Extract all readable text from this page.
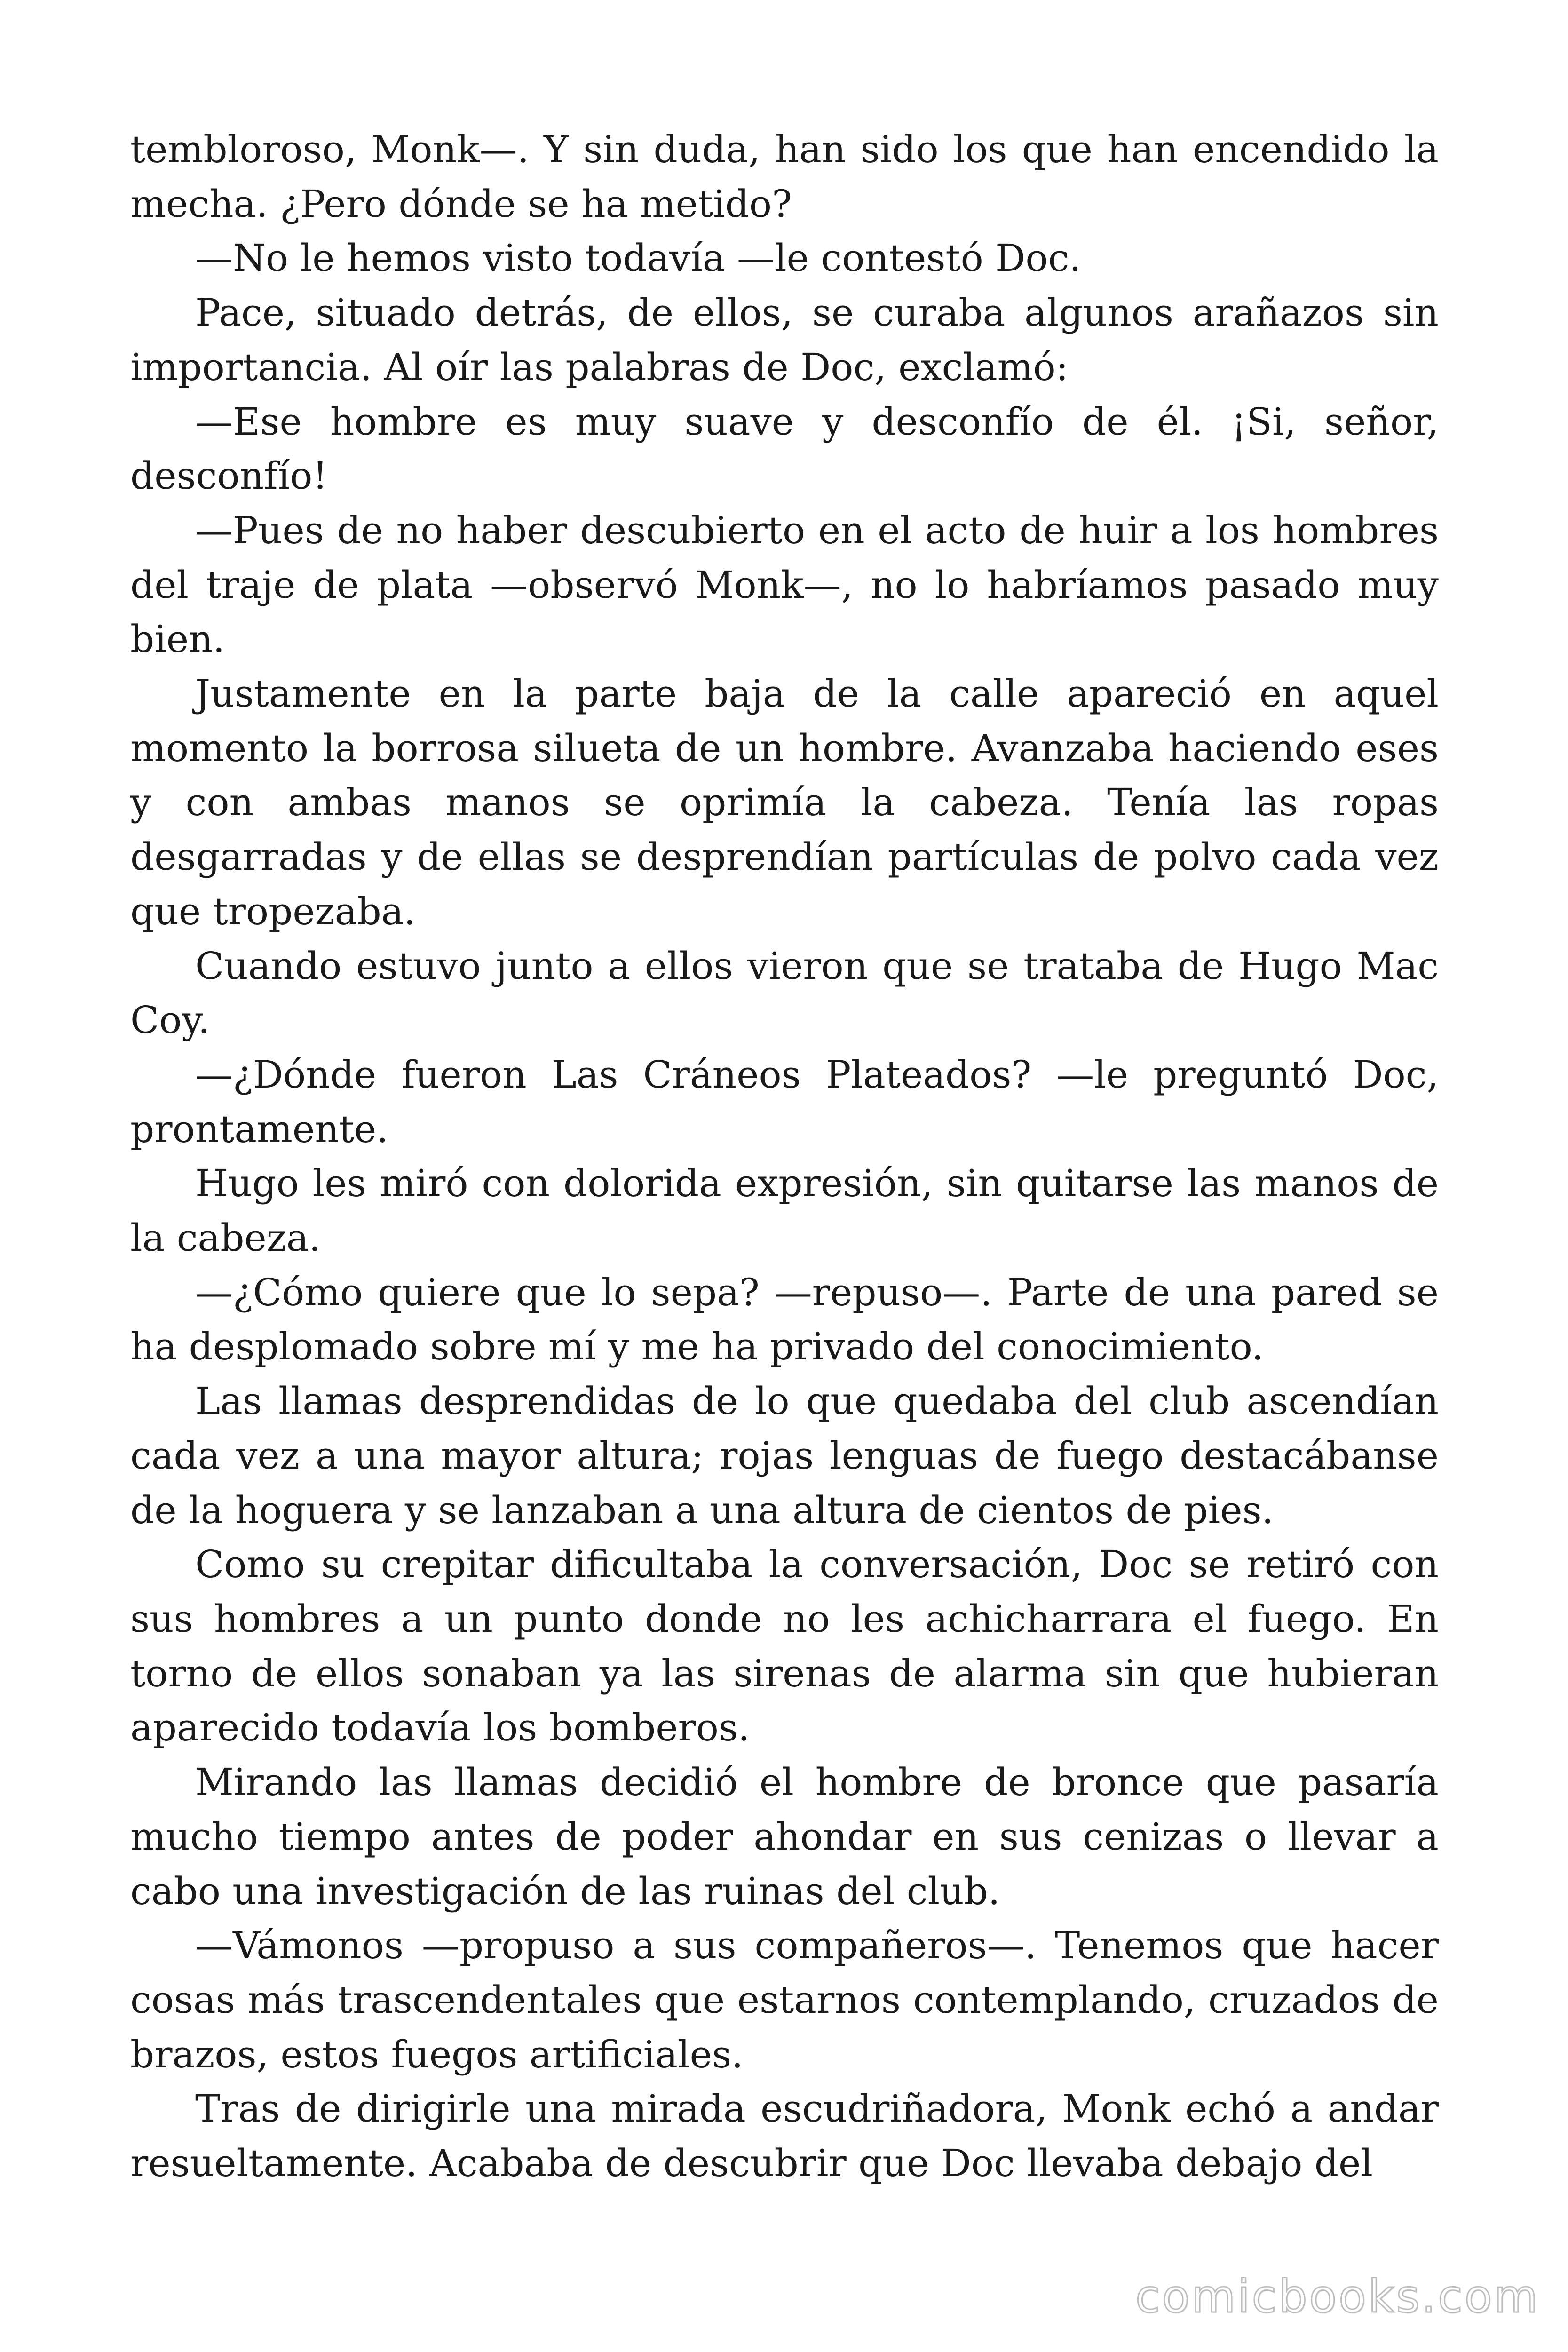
tembloroso, Monk—. Y sin duda, han sido los que han encendido la mecha. ¿Pero dónde se ha metido?

—No le hemos visto todavía —le contestó Doc.

Pace, situado detrás, de ellos, se curaba algunos arañazos sin importancia. Al oír las palabras de Doc, exclamó:

—Ese hombre es muy suave y desconfío de él. ¡Si, señor, desconfío!

—Pues de no haber descubierto en el acto de huir a los hombres del traje de plata —observó Monk—, no lo habríamos pasado muy bien.

Justamente en la parte baja de la calle apareció en aquel momento la borrosa silueta de un hombre. Avanzaba haciendo eses y con ambas manos se oprimía la cabeza. Tenía las ropas desgarradas y de ellas se desprendían partículas de polvo cada vez que tropezaba.

Cuando estuvo junto a ellos vieron que se trataba de Hugo Mac Coy.

—¿Dónde fueron Las Cráneos Plateados? —le preguntó Doc, prontamente.

Hugo les miró con dolorida expresión, sin quitarse las manos de la cabeza.

—¿Cómo quiere que lo sepa? —repuso—. Parte de una pared se ha desplomado sobre mí y me ha privado del conocimiento.

Las llamas desprendidas de lo que quedaba del club ascendían cada vez a una mayor altura; rojas lenguas de fuego destacábanse de la hoguera y se lanzaban a una altura de cientos de pies.

Como su crepitar dificultaba la conversación, Doc se retiró con sus hombres a un punto donde no les achicharrara el fuego. En torno de ellos sonaban ya las sirenas de alarma sin que hubieran aparecido todavía los bomberos.

Mirando las llamas decidió el hombre de bronce que pasaría mucho tiempo antes de poder ahondar en sus cenizas o llevar a cabo una investigación de las ruinas del club.

—Vámonos —propuso a sus compañeros—. Tenemos que hacer cosas más trascendentales que estarnos contemplando, cruzados de brazos, estos fuegos artificiales.

Tras de dirigirle una mirada escudriñadora, Monk echó a andar resueltamente. Acababa de descubrir que Doc llevaba debajo del

comicbooks.com
